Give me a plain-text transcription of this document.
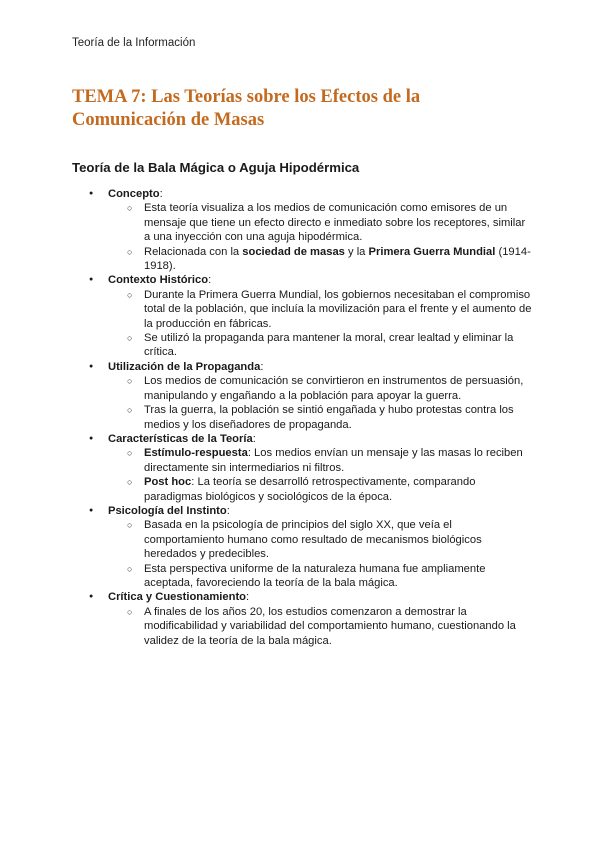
Teoría de la Información
TEMA 7: Las Teorías sobre los Efectos de la Comunicación de Masas
Teoría de la Bala Mágica o Aguja Hipodérmica
● Concepto:
○ Esta teoría visualiza a los medios de comunicación como emisores de un mensaje que tiene un efecto directo e inmediato sobre los receptores, similar a una inyección con una aguja hipodérmica.
○ Relacionada con la sociedad de masas y la Primera Guerra Mundial (1914-1918).
● Contexto Histórico:
○ Durante la Primera Guerra Mundial, los gobiernos necesitaban el compromiso total de la población, que incluía la movilización para el frente y el aumento de la producción en fábricas.
○ Se utilizó la propaganda para mantener la moral, crear lealtad y eliminar la crítica.
● Utilización de la Propaganda:
○ Los medios de comunicación se convirtieron en instrumentos de persuasión, manipulando y engañando a la población para apoyar la guerra.
○ Tras la guerra, la población se sintió engañada y hubo protestas contra los medios y los diseñadores de propaganda.
● Características de la Teoría:
○ Estímulo-respuesta: Los medios envían un mensaje y las masas lo reciben directamente sin intermediarios ni filtros.
○ Post hoc: La teoría se desarrolló retrospectivamente, comparando paradigmas biológicos y sociológicos de la época.
● Psicología del Instinto:
○ Basada en la psicología de principios del siglo XX, que veía el comportamiento humano como resultado de mecanismos biológicos heredados y predecibles.
○ Esta perspectiva uniforme de la naturaleza humana fue ampliamente aceptada, favoreciendo la teoría de la bala mágica.
● Crítica y Cuestionamiento:
○ A finales de los años 20, los estudios comenzaron a demostrar la modificabilidad y variabilidad del comportamiento humano, cuestionando la validez de la teoría de la bala mágica.
